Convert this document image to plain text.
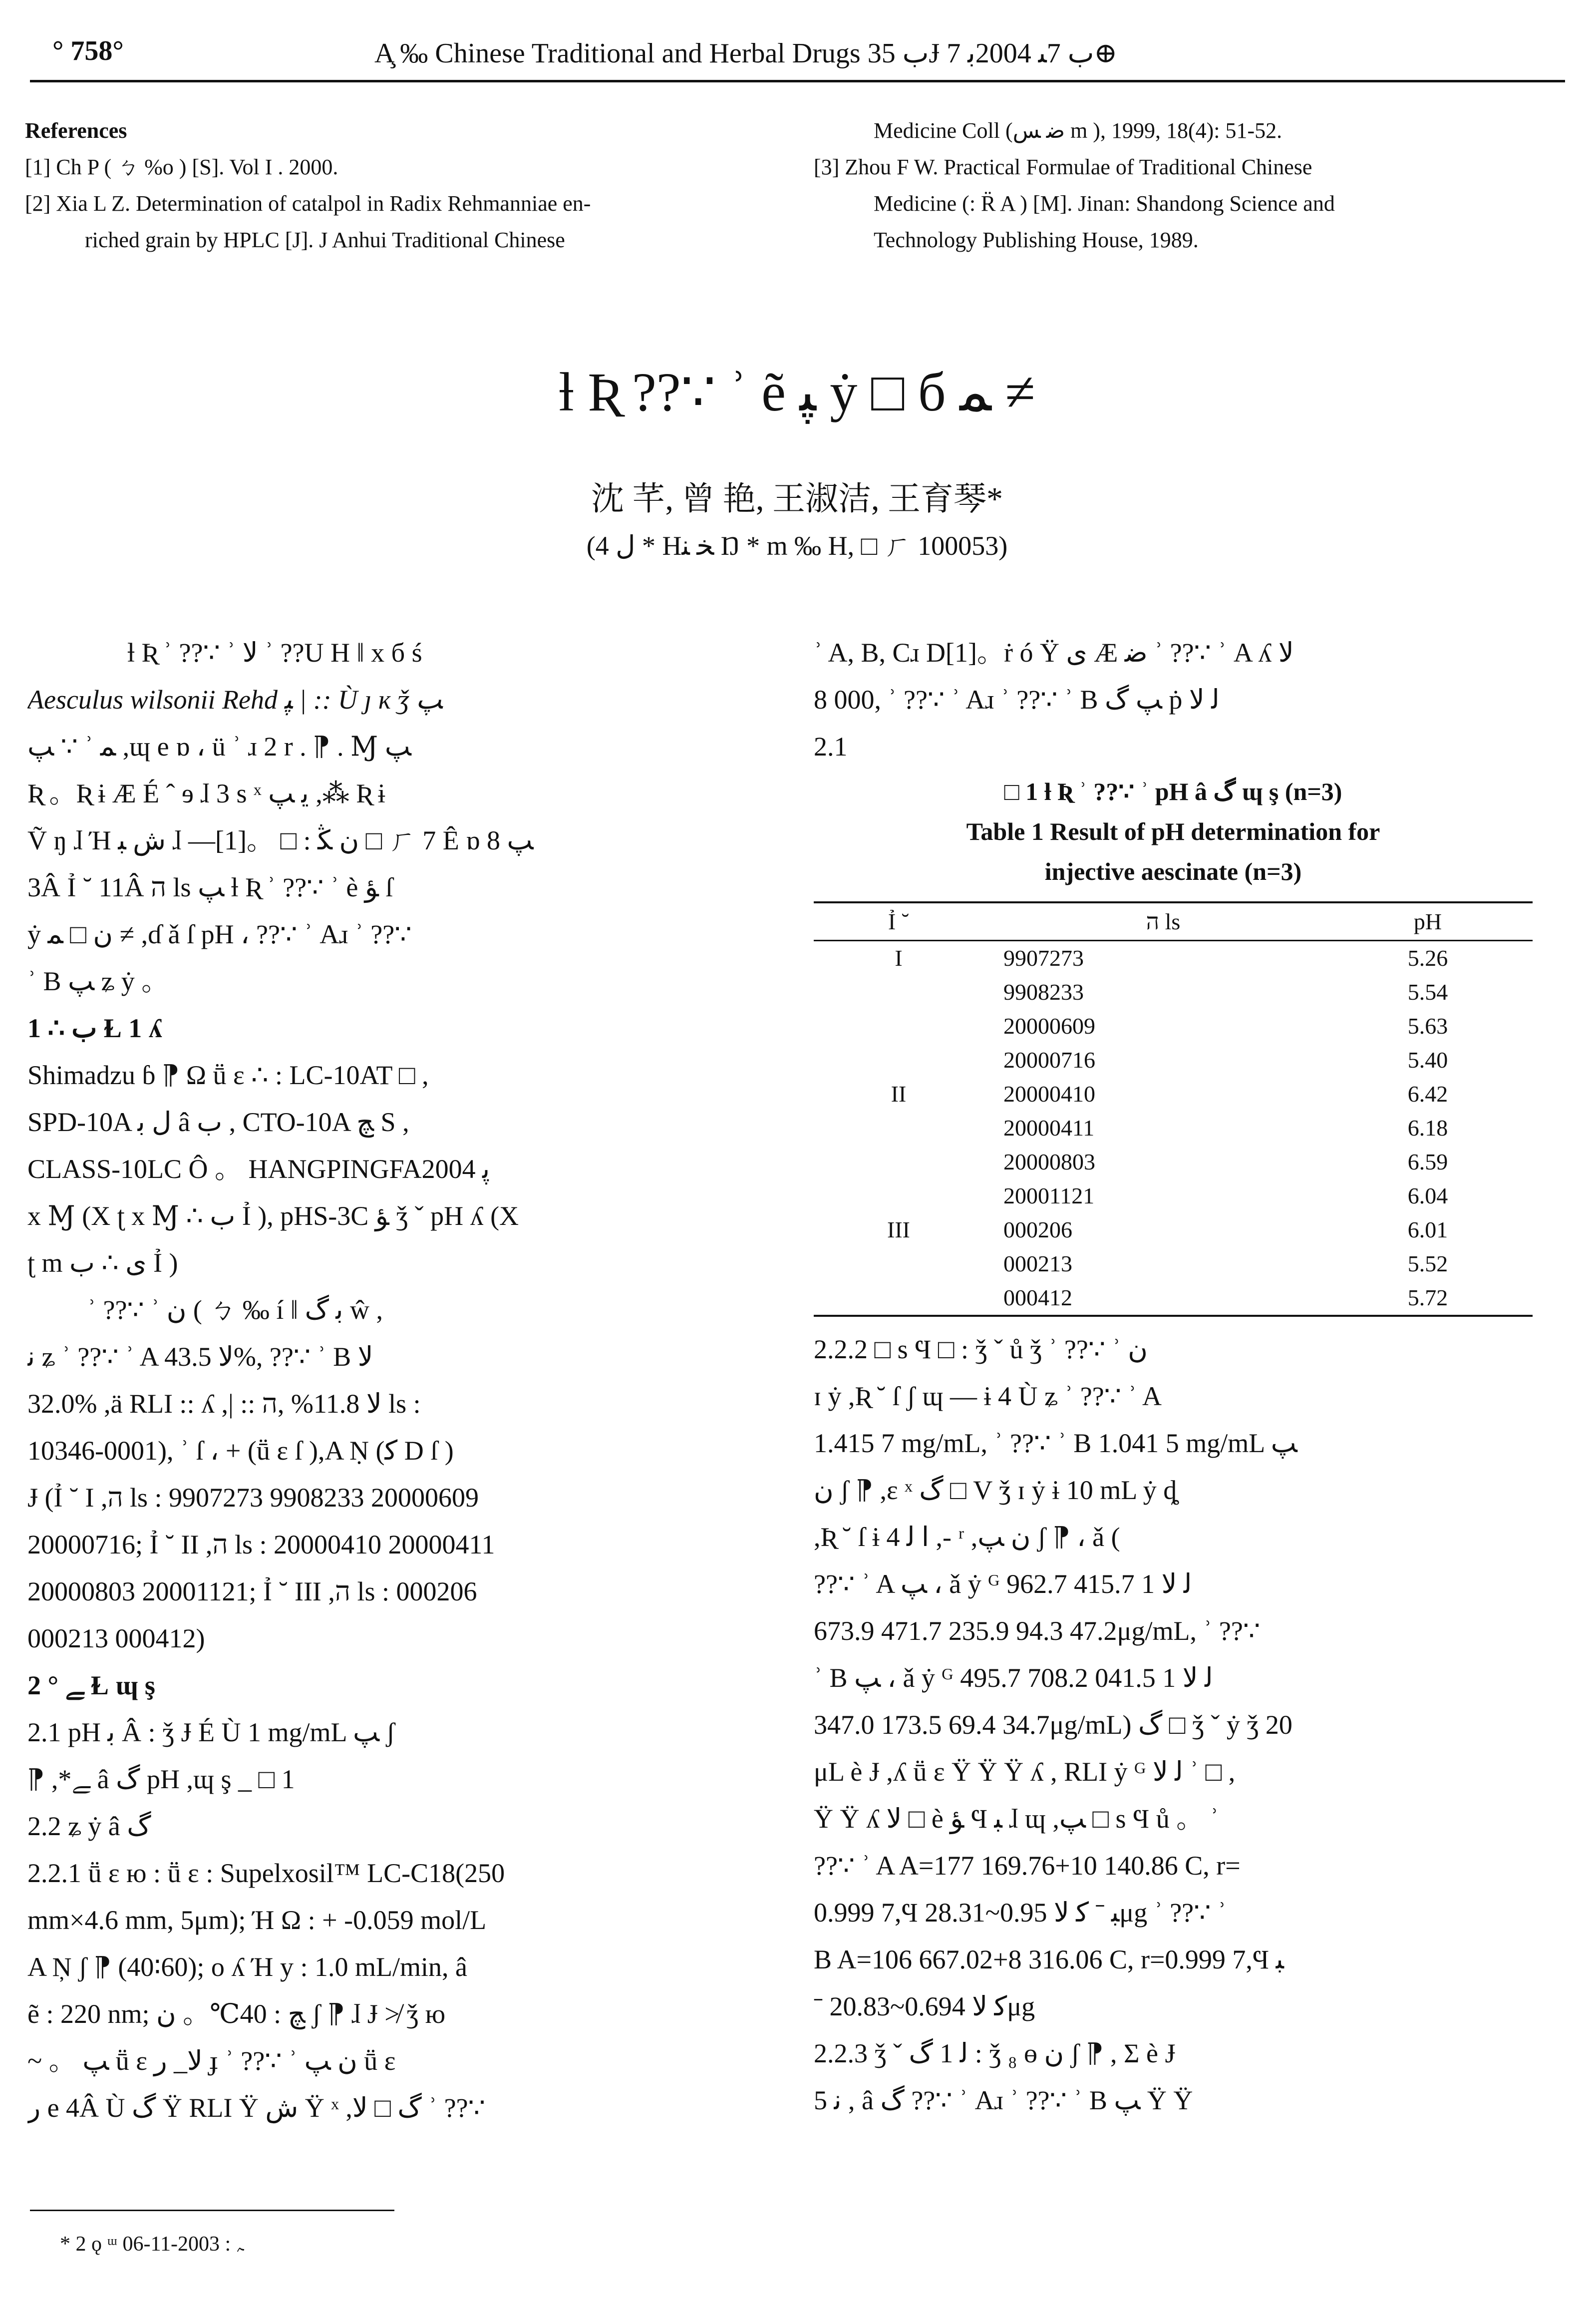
° 758°	A̧ ‰ Chinese Traditional and Herbal Drugs ﺏ 35Ɉ ﺏ 7ﯩ 2004ﺑ 7⊕

References

[1] Ch P ( ㄅ %o ) [S]. Vol I . 2000.

[2] Xia L Z. Determination of catalpol in Radix Rehmanniae en-

riched grain by HPLC [J]. J Anhui Traditional Chinese

Medicine Coll (ﺿ ﺲ m ), 1999, 18(4): 51-52.

[3] Zhou F W. Practical Formulae of Traditional Chinese

Medicine (: R̈ A ) [M]. Jinan: Shandong Science and

Technology Publishing House, 1989.

ƚ Ʀ ??∵ ʾ ẽ ﭙ ẏ □ б ﻤ ≠
沈 芊, 曾 艳, 王淑洁, 王育琴*
(4 ﻝ * Hﺨ ﻨ Ŋ * m ‰ H, □ ㄏ 100053)

ƚ Ʀ ʾ ??∵ ʾ ﻻ ʾ ??U H ǁ x б ś

Aesculus wilsonii Rehd ﭙ | :: Ù ȷ ĸ ǯ ﭗ

ﭗ ∵ ʾ ﻤ ,ɰ e ɒ ، ü ʾ ɹ 2 r . ⁋ . Ɱ ﭗ

Ʀ 。Ʀ ɨ Æ É ˆ ɘ ɺ 3 s ˣ ﻳ ﭗ ,⁂ Ʀ ɨ

Ṽ ŋ ɺ Ή ﺵ ﺒ ɺ —[1]。 □ : ﻥ ﯖ □ ㄏ 7 Ê ɒ 8 ﭗ

3Â Ỉ ˘ 11Â ה ls ﭗ ƚ Ʀ ʾ ??∵ ʾ è ﺆ ſ

ẏ ﻥ □ ﻤ ≠ ,ɗ ǎ ſ pH ، ??∵ ʾ Aɹ ʾ ??∵

ʾ B ﭗ ʑ ẏ 。

1 ∴ ﺏ Ɫ 1 ʎ

Shimadzu ɓ ⁋ Ω ṻ ɛ ∴ : LC-10AT □ ,

SPD-10A ﻝ ﺑ â ﺏ , CTO-10A ﭻ S ,

CLASS-10LC Ô 。 HANGPINGFA2004 ﭘ

x Ɱ (X ʈ x Ɱ ∴ ﺏ Ỉ ), pHS-3C ﺆ ǯ ˇ pH ʎ (X

ʈ m ﯼ ∴ ﺏ Ỉ )

ʾ ??∵ ʾ ﻥ ( ㄅ ‰ í ǁ ﺑ ﮒ ŵ ,

ﻧ ʑ ʾ ??∵ ʾ A ﻻ 43.5%, ??∵ ʾ B ﻻ

32.0% ,ä RLI :: ʎ ,| :: ﻻ 11.8% ,ה ls :

10346-0001), ʾ ſ ، + (ṻ ɛ ſ ),A Ṇ (ﮐ D ſ )

Ɉ (Ỉ ˘ I ,ה ls : 9907273 9908233 20000609

20000716; Ỉ ˘ II ,ה ls : 20000410 20000411

20000803 20001121; Ỉ ˘ III ,ה ls : 000206

000213 000412)

2 ° ﮯ Ɫ ɰ ş

2.1 pH ﺑ Â : ǯ Ɉ É Ù 1 mg/mL ﭗ ʃ

⁋ ,*ﮯ â ﮒ pH ,ɰ ş _ □ 1

2.2 ʑ ẏ â ﮒ

2.2.1 ṻ ɛ ю : ṻ ɛ : Supelxosil™ LC-C18(250

mm×4.6 mm, 5μm); Ή Ω : + -0.059 mol/L

A Ņ ʃ ⁋ (40∶60); o ʎ Ή y : 1.0 mL/min, â

ẽ : 220 nm; ﭻ : 40℃。 ﻥ ʃ ⁋ ɺ Ɉ ≯ ǯ ю

~ 。 ﭗ ṻ ɛ ﻻ_ ﺭ ɟ ʾ ??∵ ʾ ﻥ ﭗ ṻ ɛ

ﺭ e 4Â Ù ﮒ Ÿ RLI Ÿ ﺵ Ÿ ˣ ,ﮒ □ ﻻ ʾ ??∵

ʾ A, B, Cɹ D[1]。ṙ ó Ÿ ﯼ Æ ﺿ ʾ ??∵ ʾ A ʎ ﻻ

8 000, ʾ ??∵ ʾ Aɹ ʾ ??∵ ʾ B ﭗ ﮒ ṗ ﻟ ﻻ

2.1

□ 1 ƚ Ʀ ʾ ??∵ ʾ pH â ﮒ ɰ ş (n=3)
Table 1 Result of pH determination for
injective aescinate (n=3)
Ỉ ˘	ה ls	pH
I	9907273	5.26
	9908233	5.54
	20000609	5.63
	20000716	5.40
II	20000410	6.42
	20000411	6.18
	20000803	6.59
	20001121	6.04
III	000206	6.01
	000213	5.52
	000412	5.72

2.2.2 □ s Ϥ □ : ǯ ˇ ů ǯ ʾ ??∵ ʾ ﻥ

ɪ ẏ ,Ʀ ˘ ſ ʃ ɰ — ɨ 4 Ù ʑ ʾ ??∵ ʾ A

1.415 7 mg/mL, ʾ ??∵ ʾ B 1.041 5 mg/mL ﭗ

ﻥ ʃ ⁋ ,ɛ ˣ ﮒ □ V ǯ ɪ ẏ ɨ 10 mL ẏ ȡ

,Ʀ ˘ ſ ɨ 4 ﺍ ﻟ ,- ʳ ,ﻥ ﭗ ʃ ⁋ ، ǎ (

??∵ ʾ A ﭗ ، ǎ ẏ ᴳ ﻟ ﻻ 1 415.7 962.7

673.9 471.7 235.9 94.3 47.2μg/mL, ʾ ??∵

ʾ B ﭗ ، ǎ ẏ ᴳ ﻟ ﻻ 1 041.5 708.2 495.7

347.0 173.5 69.4 34.7μg/mL) ﮒ □ ǯ ˇ ẏ ǯ 20

μL è Ɉ ,ʎ ṻ ɛ Ÿ Ÿ Ÿ ʎ , RLI ẏ ᴳ ﻟ ﻻ ʾ □ ,

Ÿ Ÿ ʎ ﻻ □ è ﺆ Ϥ ﺒ ɺ ɰ ,ﭗ □ s Ϥ ů 。 ʾ

??∵ ʾ A A=177 169.76+10 140.86 C, r=

0.999 7,Ϥ ﺒ ˉ ﮐ ﻻ 0.95~28.31μg ʾ ??∵ ʾ

B A=106 667.02+8 316.06 C, r=0.999 7,Ϥ ﺒ

ˉ ﮐ ﻻ 0.694~20.83μg

2.2.3 ǯ ˇ ﻟ 1 ﮒ : ǯ ₈ ɵ ﻥ ʃ ⁋ , Σ è Ɉ

5 ﻧ , â ﮒ ??∵ ʾ Aɹ ʾ ??∵ ʾ B ﭗ Ÿ Ÿ

* 2 ǫ ᵚ ﮧ : 2003-11-06
